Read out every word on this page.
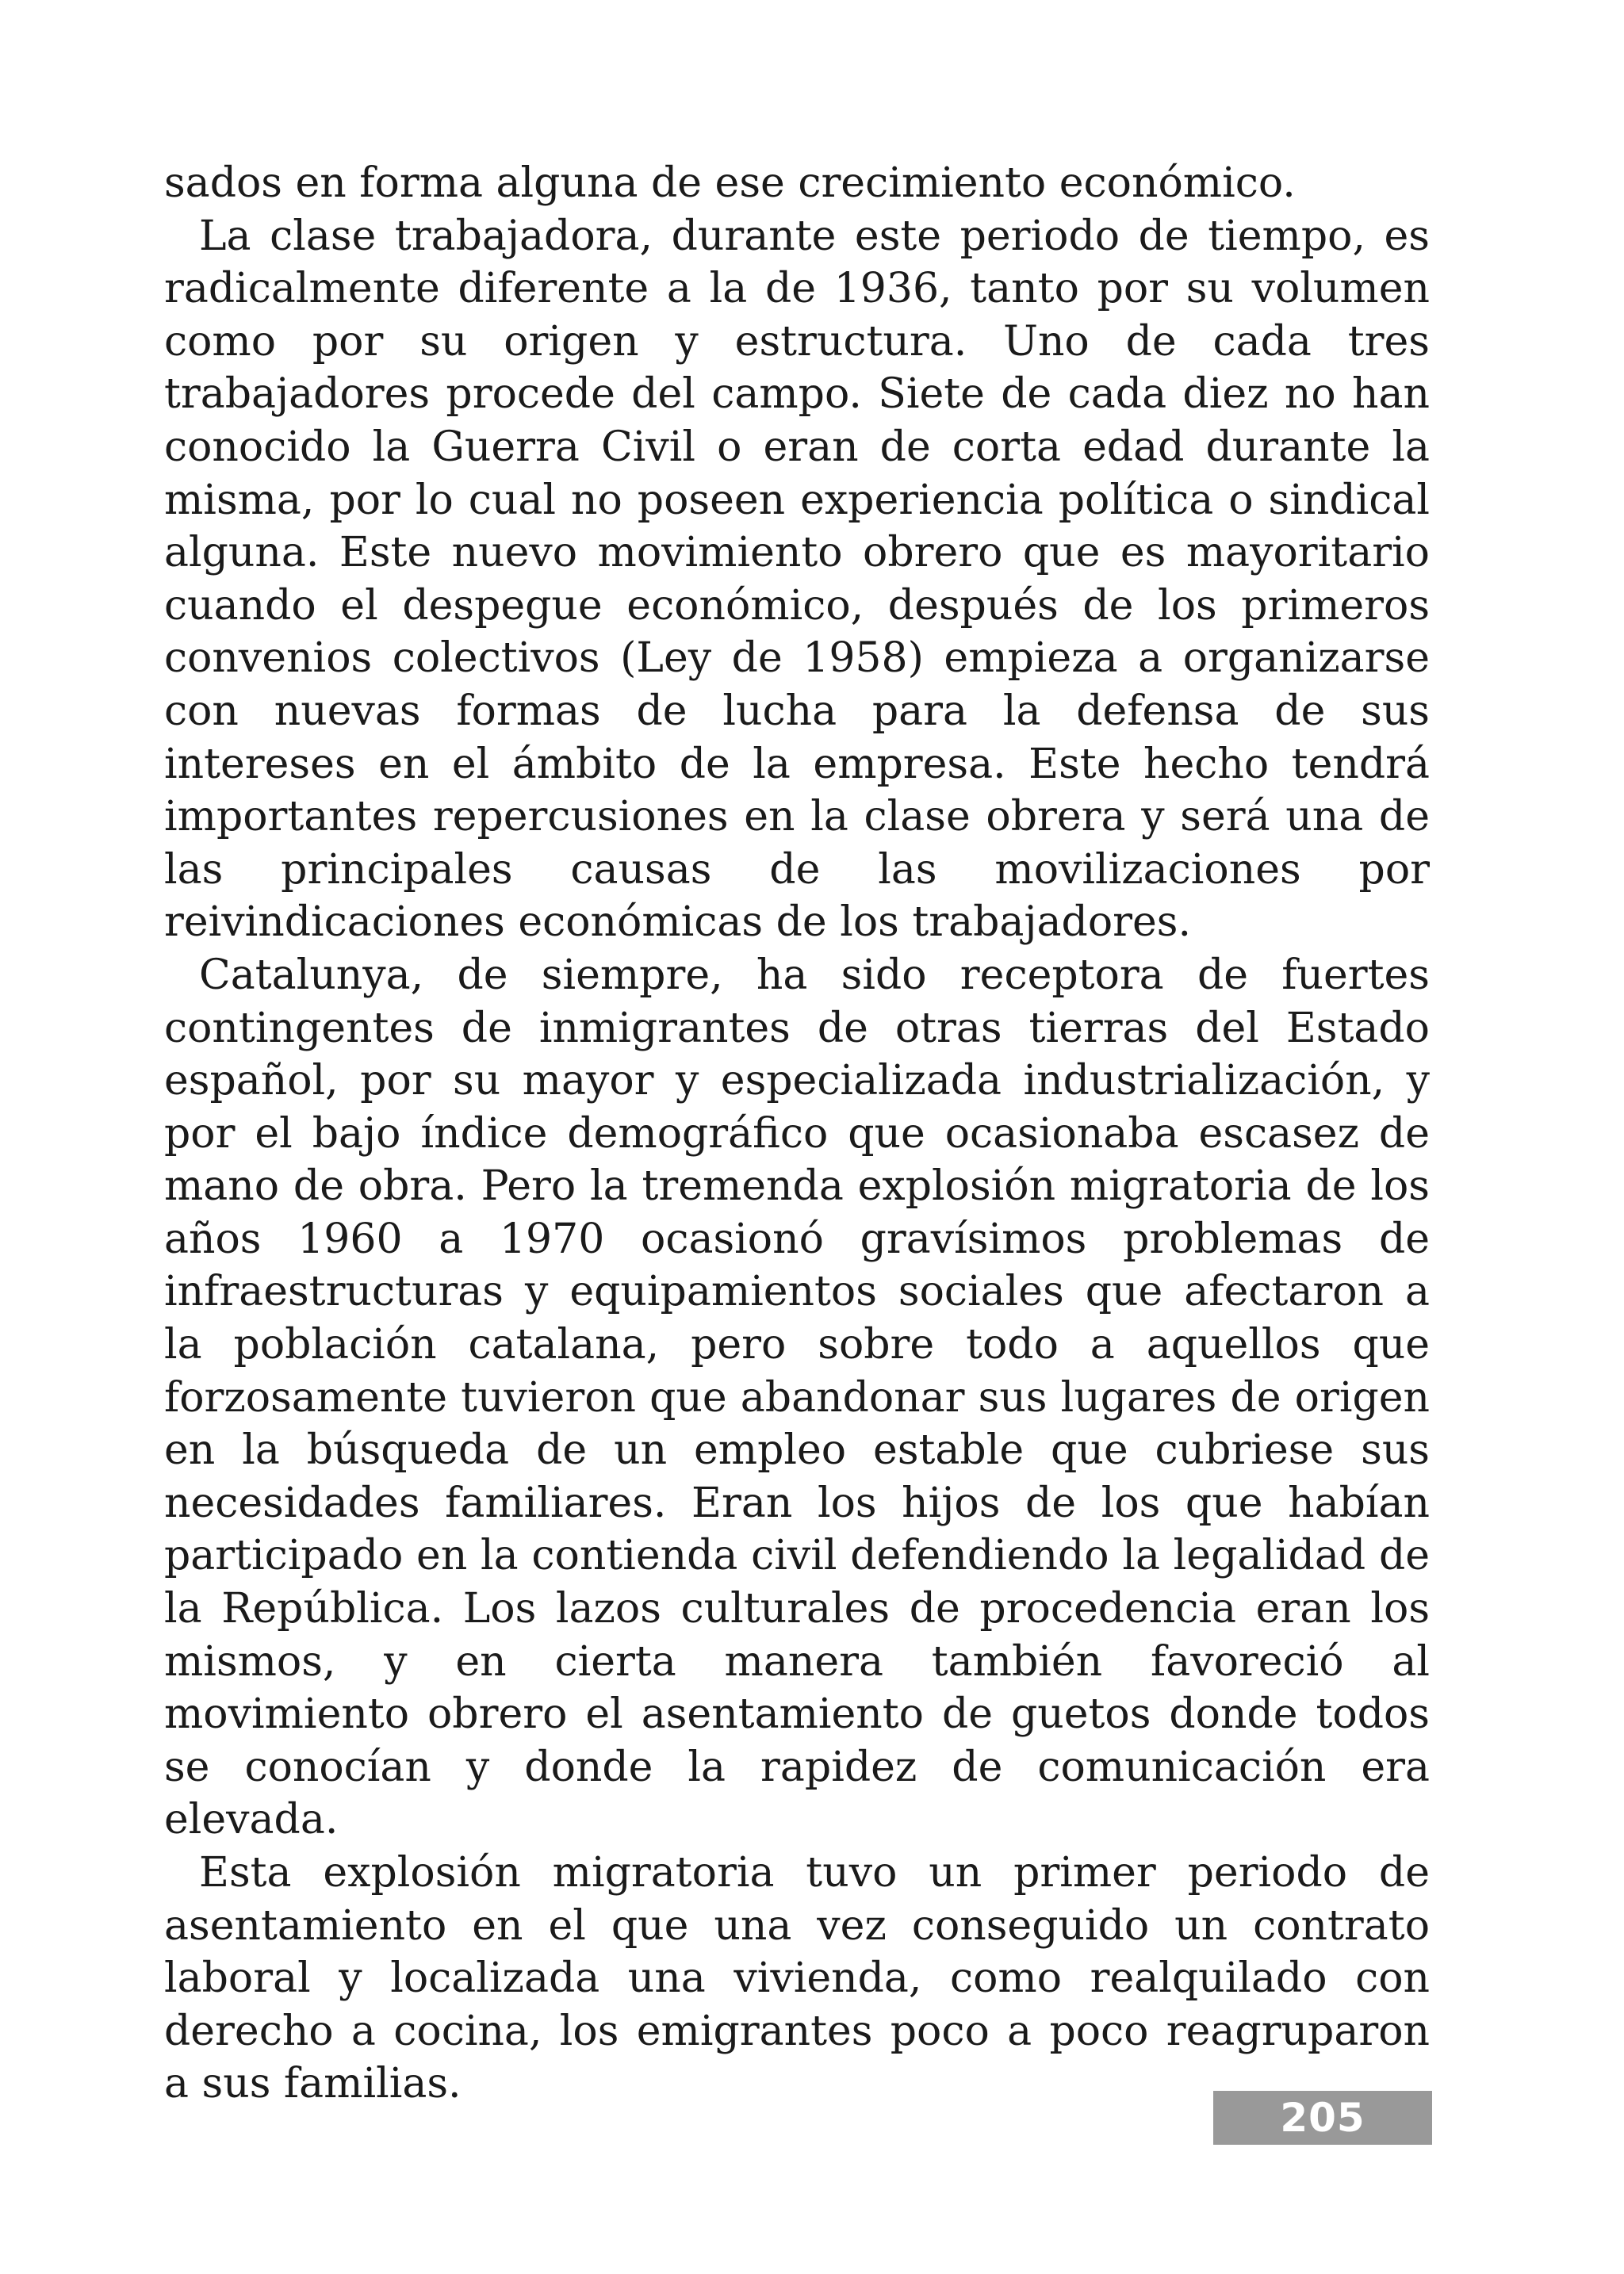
sados en forma alguna de ese crecimiento económico.

La clase trabajadora, durante este periodo de tiempo, es radicalmente diferente a la de 1936, tanto por su volumen como por su origen y estructura. Uno de cada tres trabajadores procede del campo. Siete de cada diez no han conocido la Guerra Civil o eran de corta edad durante la misma, por lo cual no poseen experiencia política o sindical alguna. Este nuevo movimiento obrero que es mayoritario cuando el despegue económico, después de los primeros convenios colectivos (Ley de 1958) empieza a organizarse con nuevas formas de lucha para la defensa de sus intereses en el ámbito de la empresa. Este hecho tendrá importantes repercusiones en la clase obrera y será una de las principales causas de las movilizaciones por reivindicaciones económicas de los trabajadores.

Catalunya, de siempre, ha sido receptora de fuertes contingentes de inmigrantes de otras tierras del Estado español, por su mayor y especializada industrialización, y por el bajo índice demográfico que ocasionaba escasez de mano de obra. Pero la tremenda explosión migratoria de los años 1960 a 1970 ocasionó gravísimos problemas de infraestructuras y equipamientos sociales que afectaron a la población catalana, pero sobre todo a aquellos que forzosamente tuvieron que abandonar sus lugares de origen en la búsqueda de un empleo estable que cubriese sus necesidades familiares. Eran los hijos de los que habían participado en la contienda civil defendiendo la legalidad de la República. Los lazos culturales de procedencia eran los mismos, y en cierta manera también favoreció al movimiento obrero el asentamiento de guetos donde todos se conocían y donde la rapidez de comunicación era elevada.

Esta explosión migratoria tuvo un primer periodo de asentamiento en el que una vez conseguido un contrato laboral y localizada una vivienda, como realquilado con derecho a cocina, los emigrantes poco a poco reagruparon a sus familias.

205
